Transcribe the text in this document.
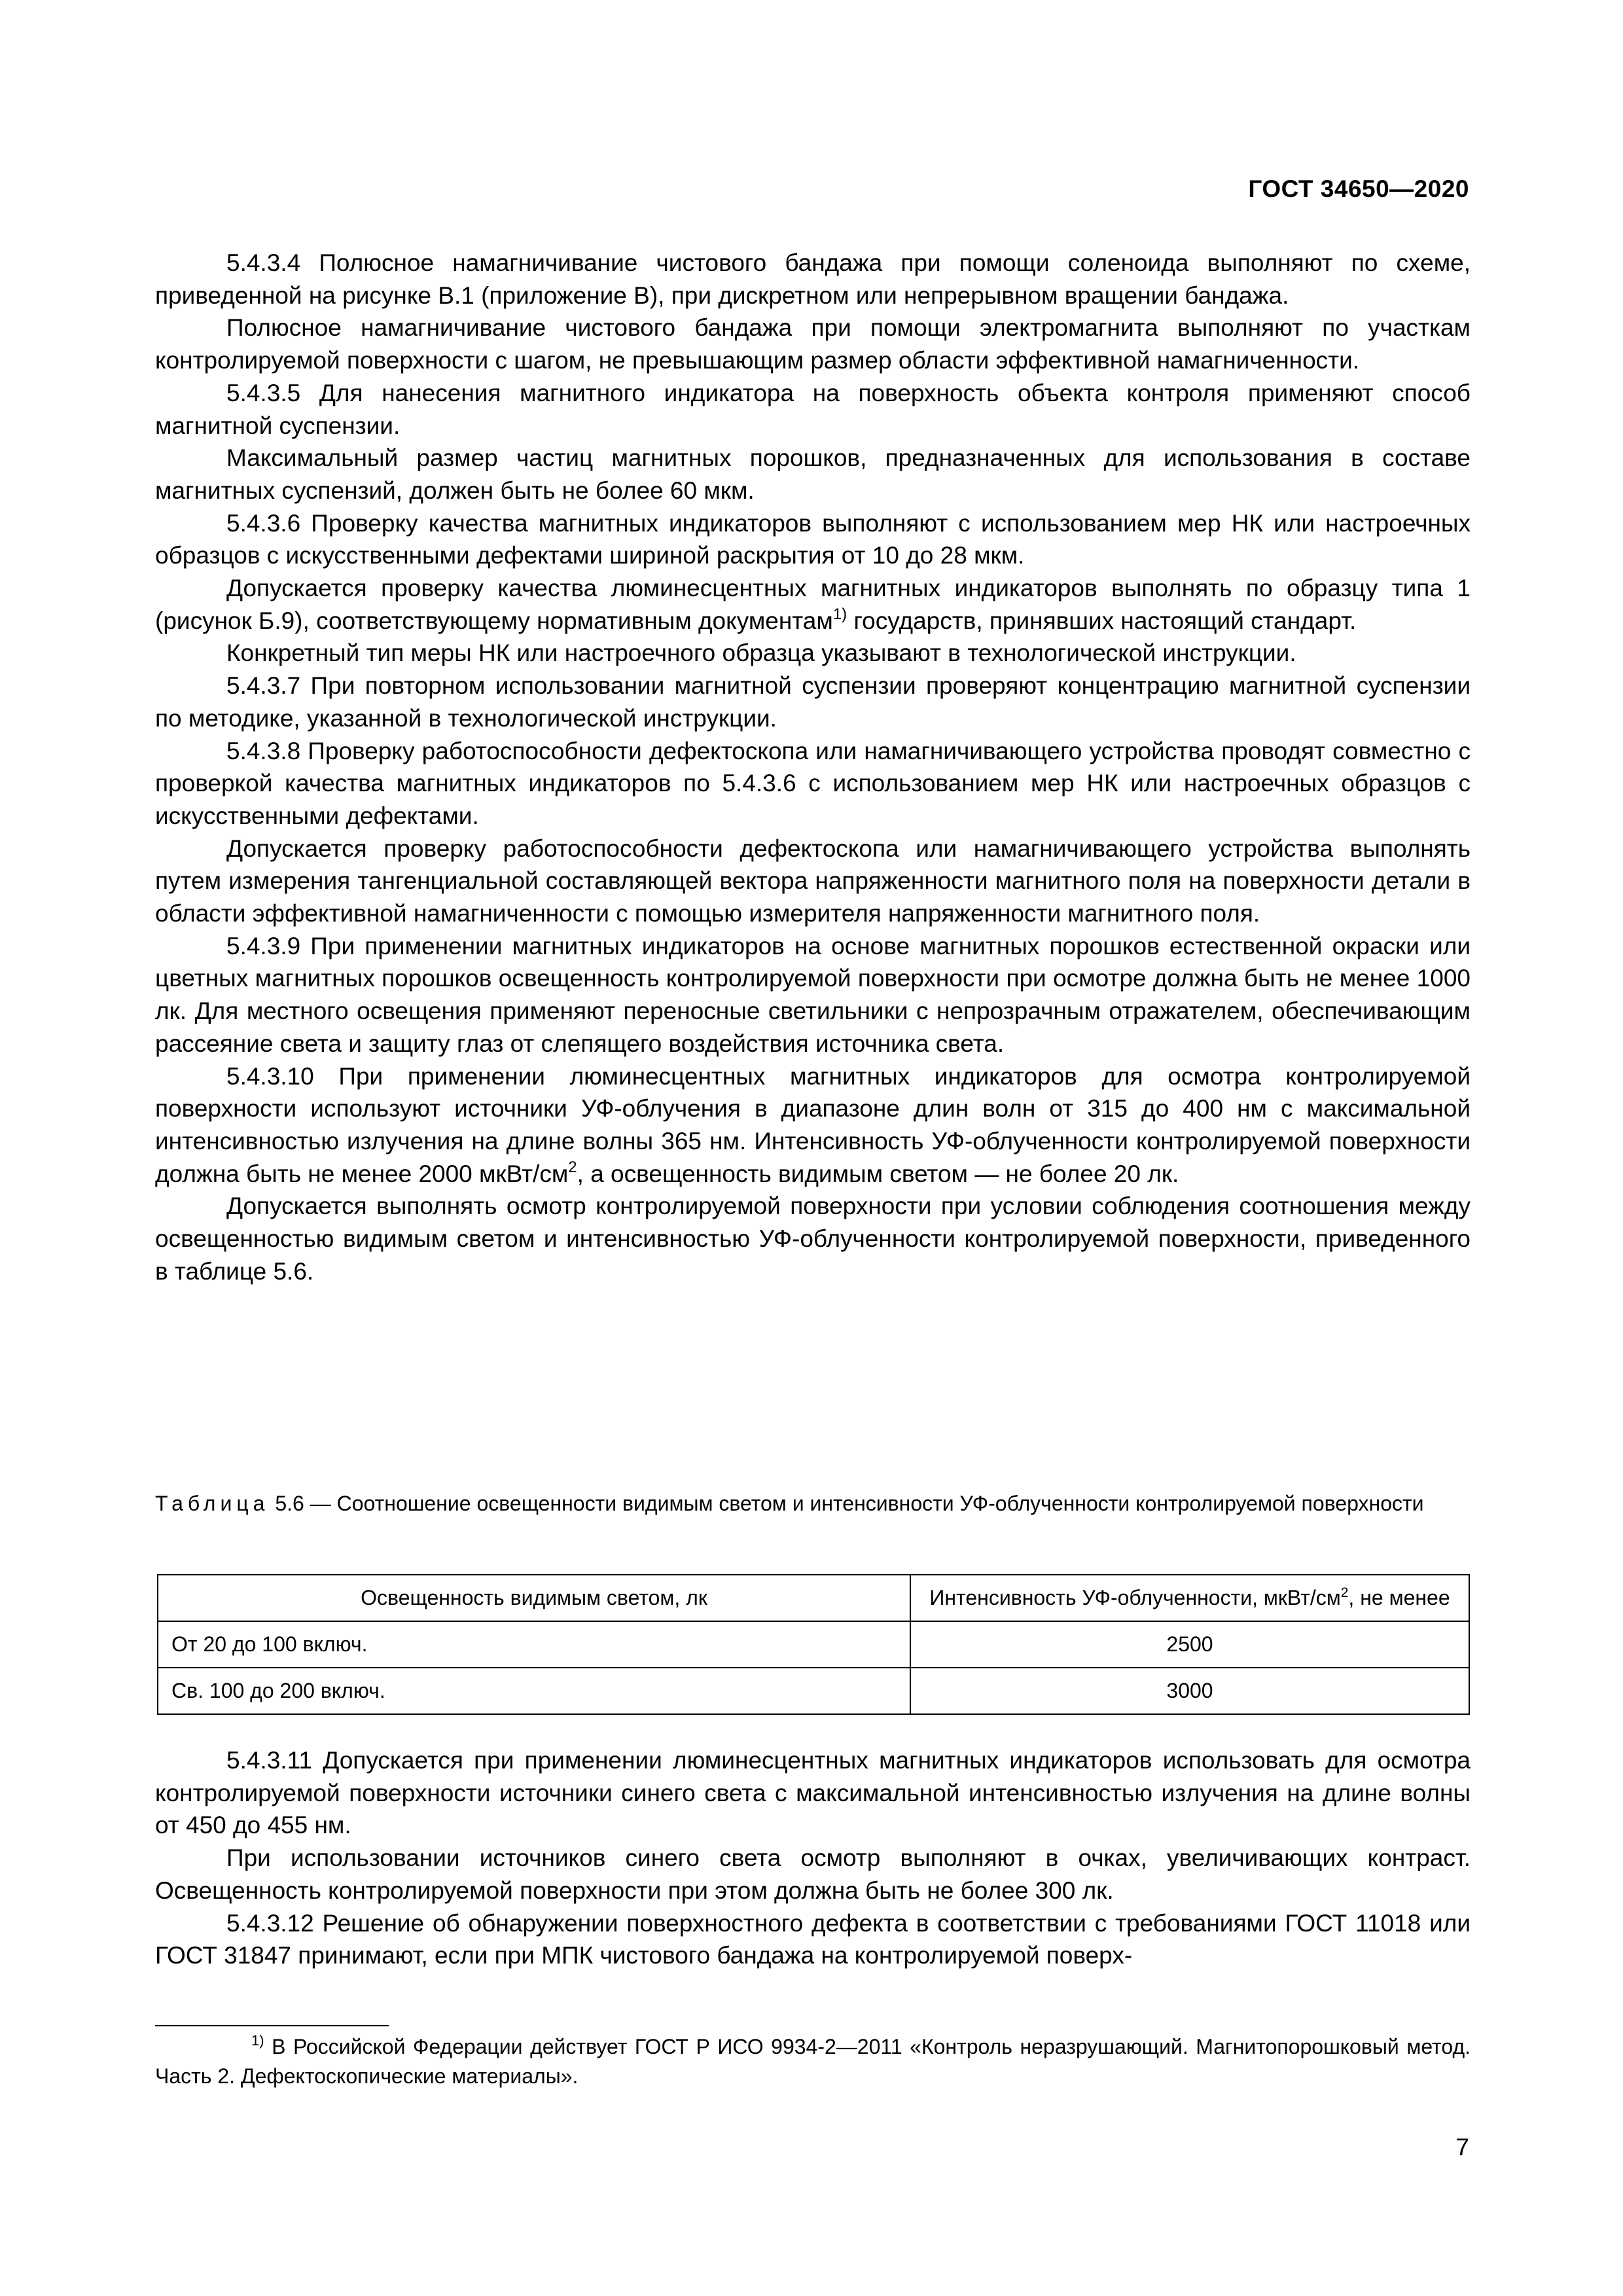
ГОСТ 34650—2020

5.4.3.4 Полюсное намагничивание чистового бандажа при помощи соленоида выполняют по схеме, приведенной на рисунке В.1 (приложение В), при дискретном или непрерывном вращении бандажа.

Полюсное намагничивание чистового бандажа при помощи электромагнита выполняют по участкам контролируемой поверхности с шагом, не превышающим размер области эффективной намагниченности.

5.4.3.5 Для нанесения магнитного индикатора на поверхность объекта контроля применяют способ магнитной суспензии.

Максимальный размер частиц магнитных порошков, предназначенных для использования в составе магнитных суспензий, должен быть не более 60 мкм.

5.4.3.6 Проверку качества магнитных индикаторов выполняют с использованием мер НК или настроечных образцов с искусственными дефектами шириной раскрытия от 10 до 28 мкм.

Допускается проверку качества люминесцентных магнитных индикаторов выполнять по образцу типа 1 (рисунок Б.9), соответствующему нормативным документам$^{1)}$ государств, принявших настоящий стандарт.

Конкретный тип меры НК или настроечного образца указывают в технологической инструкции.

5.4.3.7 При повторном использовании магнитной суспензии проверяют концентрацию магнитной суспензии по методике, указанной в технологической инструкции.

5.4.3.8 Проверку работоспособности дефектоскопа или намагничивающего устройства проводят совместно с проверкой качества магнитных индикаторов по 5.4.3.6 с использованием мер НК или настроечных образцов с искусственными дефектами.

Допускается проверку работоспособности дефектоскопа или намагничивающего устройства выполнять путем измерения тангенциальной составляющей вектора напряженности магнитного поля на поверхности детали в области эффективной намагниченности с помощью измерителя напряженности магнитного поля.

5.4.3.9 При применении магнитных индикаторов на основе магнитных порошков естественной окраски или цветных магнитных порошков освещенность контролируемой поверхности при осмотре должна быть не менее 1000 лк. Для местного освещения применяют переносные светильники с непрозрачным отражателем, обеспечивающим рассеяние света и защиту глаз от слепящего воздействия источника света.

5.4.3.10 При применении люминесцентных магнитных индикаторов для осмотра контролируемой поверхности используют источники УФ-облучения в диапазоне длин волн от 315 до 400 нм с максимальной интенсивностью излучения на длине волны 365 нм. Интенсивность УФ-облученности контролируемой поверхности должна быть не менее 2000 мкВт/$см^2$, а освещенность видимым светом — не более 20 лк.

Допускается выполнять осмотр контролируемой поверхности при условии соблюдения соотношения между освещенностью видимым светом и интенсивностью УФ-облученности контролируемой поверхности, приведенного в таблице 5.6.

Таблица 5.6 — Соотношение освещенности видимым светом и интенсивности УФ-облученности контролируемой поверхности
Освещенность видимым светом, лк	Интенсивность УФ-облученности, мкВт/$см^2$, не менее
От 20 до 100 включ.	2500
Св. 100 до 200 включ.	3000

5.4.3.11 Допускается при применении люминесцентных магнитных индикаторов использовать для осмотра контролируемой поверхности источники синего света с максимальной интенсивностью излучения на длине волны от 450 до 455 нм.

При использовании источников синего света осмотр выполняют в очках, увеличивающих контраст. Освещенность контролируемой поверхности при этом должна быть не более 300 лк.

5.4.3.12 Решение об обнаружении поверхностного дефекта в соответствии с требованиями ГОСТ 11018 или ГОСТ 31847 принимают, если при МПК чистового бандажа на контролируемой поверх-

$^{1)}$ В Российской Федерации действует ГОСТ Р ИСО 9934-2—2011 «Контроль неразрушающий. Магнитопорошковый метод. Часть 2. Дефектоскопические материалы».

7
